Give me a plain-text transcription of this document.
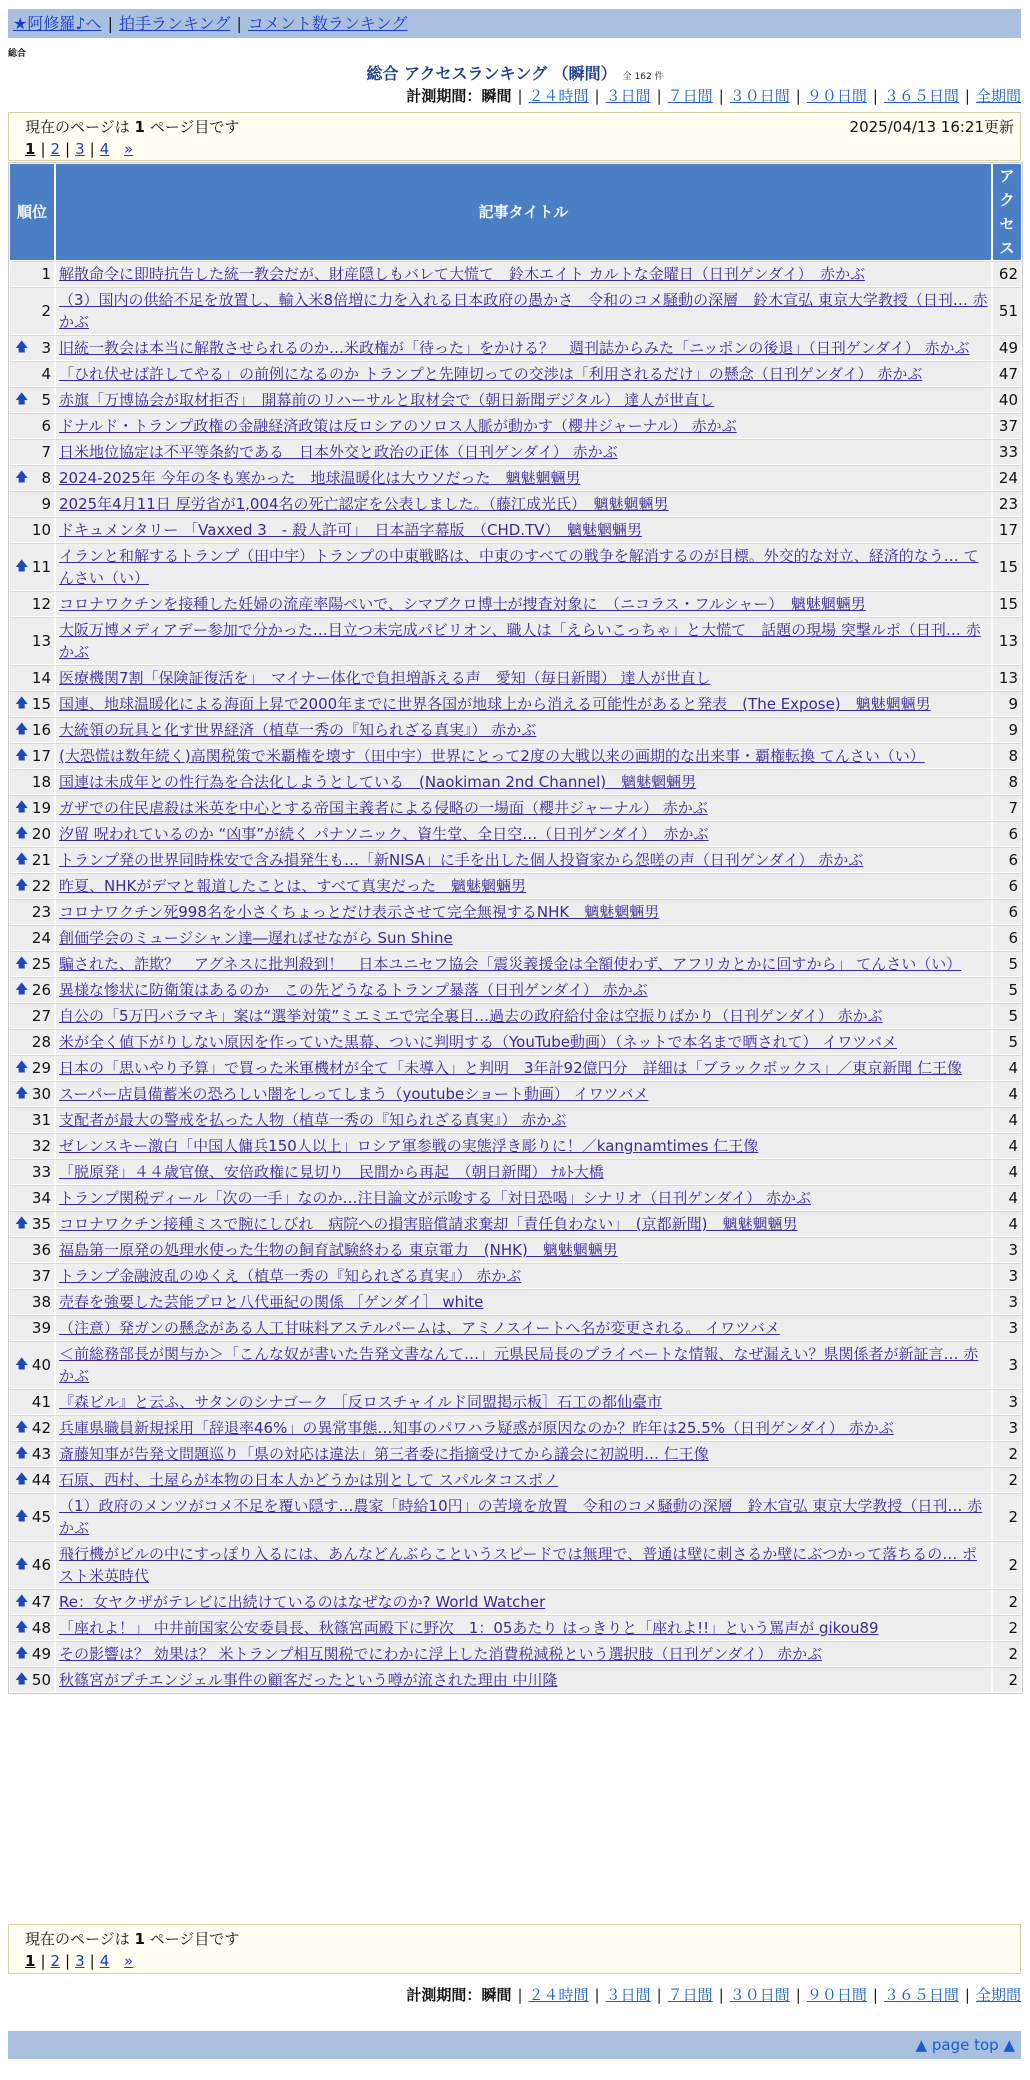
★阿修羅♪へ | 拍手ランキング | コメント数ランキング
総合
総合 アクセスランキング （瞬間） 全 162 件
計測期間：瞬間 | ２４時間 | ３日間 | ７日間 | ３０日間 | ９０日間 | ３６５日間 | 全期間
現在のページは 1 ページ目です	2025/04/13 16:21更新
1 | 2 | 3 | 4 »
順位	記事タイトル	アクセス
1	解散命令に即時抗告した統一教会だが、財産隠しもバレて大慌て　鈴木エイト カルトな金曜日（日刊ゲンダイ）　赤かぶ	62
2	（3）国内の供給不足を放置し、輸入米8倍増に力を入れる日本政府の愚かさ　令和のコメ騒動の深層　鈴木宣弘 東京大学教授（日刊… 赤かぶ	51

🡅 3	旧統一教会は本当に解散させられるのか…米政権が「待った」をかける？　週刊誌からみた「ニッポンの後退」（日刊ゲンダイ） 赤かぶ	49
4	「ひれ伏せば許してやる」の前例になるのか トランプと先陣切っての交渉は「利用されるだけ」の懸念（日刊ゲンダイ） 赤かぶ	47

🡅 5	赤旗「万博協会が取材拒否」　開幕前のリハーサルと取材会で（朝日新聞デジタル） 達人が世直し	40
6	ドナルド・トランプ政権の金融経済政策は反ロシアのソロス人脈が動かす（櫻井ジャーナル） 赤かぶ	37
7	日米地位協定は不平等条約である　日本外交と政治の正体（日刊ゲンダイ） 赤かぶ	33

🡅 8	2024-2025年 今年の冬も寒かった　地球温暖化は大ウソだった　魑魅魍魎男	24
9	2025年4月11日 厚労省が1,004名の死亡認定を公表しました。（藤江成光氏）　魑魅魍魎男	23
10	ドキュメンタリー 「Vaxxed 3　- 殺人許可」　日本語字幕版　（CHD.TV）　魑魅魍魎男	17

🡅 11	イランと和解するトランプ（田中宇）トランプの中東戦略は、中東のすべての戦争を解消するのが目標。外交的な対立、経済的なう… てんさい（い）	15
12	コロナワクチンを接種した妊婦の流産率陽ぺいで、シマブクロ博士が捜査対象に　（ニコラス・フルシャー）　魑魅魍魎男	15
13	大阪万博メディアデー参加で分かった…目立つ未完成パビリオン、職人は「えらいこっちゃ」と大慌て　話題の現場 突撃ルポ（日刊… 赤かぶ	13
14	医療機関7割「保険証復活を」　マイナー体化で負担増訴える声　愛知（毎日新聞） 達人が世直し	13

🡅 15	国連、地球温暖化による海面上昇で2000年までに世界各国が地球上から消える可能性があると発表　(The Expose)　魑魅魍魎男	9

🡅 16	大統領の玩具と化す世界経済（植草一秀の『知られざる真実』） 赤かぶ	9

🡅 17	(大恐慌は数年続く)高関税策で米覇権を壊す（田中宇）世界にとって2度の大戦以来の画期的な出来事・覇権転換 てんさい（い）	8
18	国連は未成年との性行為を合法化しようとしている　(Naokiman 2nd Channel)　魑魅魍魎男	8

🡅 19	ガザでの住民虐殺は米英を中心とする帝国主義者による侵略の一場面（櫻井ジャーナル） 赤かぶ	7

🡅 20	汐留 呪われているのか “凶事”が続く パナソニック、資生堂、全日空…（日刊ゲンダイ）　赤かぶ	6

🡅 21	トランプ発の世界同時株安で含み損発生も…「新NISA」に手を出した個人投資家から怨嗟の声（日刊ゲンダイ） 赤かぶ	6

🡅 22	昨夏、NHKがデマと報道したことは、すべて真実だった　魑魅魍魎男	6
23	コロナワクチン死998名を小さくちょっとだけ表示させて完全無視するNHK　魑魅魍魎男	6
24	創価学会のミュージシャン達―遅ればせながら Sun Shine	6

🡅 25	騙された、詐欺？　アグネスに批判殺到！　日本ユニセフ協会「震災義援金は全額使わず、アフリカとかに回すから」 てんさい（い）	5

🡅 26	異様な惨状に防衛策はあるのか　この先どうなるトランプ暴落（日刊ゲンダイ） 赤かぶ	5
27	自公の「5万円バラマキ」案は“選挙対策”ミエミエで完全裏目…過去の政府給付金は空振りばかり（日刊ゲンダイ） 赤かぶ	5
28	米が全く値下がりしない原因を作っていた黒幕、ついに判明する（YouTube動画）（ネットで本名まで晒されて） イワツバメ	5

🡅 29	日本の「思いやり予算」で買った米軍機材が全て「未導入」と判明　3年計92億円分　詳細は「ブラックボックス」／東京新聞 仁王像	4

🡅 30	スーパー店員備蓄米の恐ろしい闇をしってしまう（youtubeショート動画） イワツバメ	4
31	支配者が最大の警戒を払った人物（植草一秀の『知られざる真実』） 赤かぶ	4
32	ゼレンスキー激白「中国人傭兵150人以上」ロシア軍参戦の実態浮き彫りに！／kangnamtimes 仁王像	4
33	「脱原発」４４歳官僚、安倍政権に見切り　民間から再起　（朝日新聞） ﾅﾙﾄ大橋	4
34	トランプ関税ディール「次の一手」なのか…注目論文が示唆する「対日恐喝」シナリオ（日刊ゲンダイ） 赤かぶ	4

🡅 35	コロナワクチン接種ミスで腕にしびれ　病院への損害賠償請求棄却「責任負わない」　(京都新聞)　魑魅魍魎男	4
36	福島第一原発の処理水使った生物の飼育試験終わる 東京電力　(NHK)　魑魅魍魎男	3
37	トランプ金融波乱のゆくえ（植草一秀の『知られざる真実』） 赤かぶ	3
38	売春を強要した芸能プロと八代亜紀の関係 ［ゲンダイ］ white	3
39	（注意）発ガンの懸念がある人工甘味料アステルパームは、アミノスイートへ名が変更される。 イワツバメ	3

🡅 40	＜前総務部長が関与か＞「こんな奴が書いた告発文書なんて…」元県民局長のプライベートな情報、なぜ漏えい？県関係者が新証言… 赤かぶ	3
41	『森ビル』と云ふ、サタンのシナゴーク ［反ロスチャイルド同盟掲示板］石工の都仙臺市	3

🡅 42	兵庫県職員新規採用「辞退率46%」の異常事態…知事のパワハラ疑惑が原因なのか？昨年は25.5%（日刊ゲンダイ） 赤かぶ	3

🡅 43	斎藤知事が告発文問題巡り「県の対応は違法」第三者委に指摘受けてから議会に初説明… 仁王像	2

🡅 44	石原、西村、土屋らが本物の日本人かどうかは別として スパルタコスポノ	2

🡅 45	（1）政府のメンツがコメ不足を覆い隠す…農家「時給10円」の苦境を放置　令和のコメ騒動の深層　鈴木宣弘 東京大学教授（日刊… 赤かぶ	2

🡅 46	飛行機がビルの中にすっぽり入るには、あんなどんぶらこというスピードでは無理で、普通は壁に刺さるか壁にぶつかって落ちるの… ポスト米英時代	2

🡅 47	Re：女ヤクザがテレビに出続けているのはなぜなのか? World Watcher	2

🡅 48	「座れよ！」 中井前国家公安委員長、秋篠宮両殿下に野次　1：05あたり はっきりと「座れよ!!」という罵声が gikou89	2

🡅 49	その影響は？ 効果は？ 米トランプ相互関税でにわかに浮上した消費税減税という選択肢（日刊ゲンダイ） 赤かぶ	2

🡅 50	秋篠宮がプチエンジェル事件の顧客だったという噂が流された理由 中川隆	2
現在のページは 1 ページ目です
1 | 2 | 3 | 4 »
計測期間：瞬間 | ２４時間 | ３日間 | ７日間 | ３０日間 | ９０日間 | ３６５日間 | 全期間
▲ page top ▲
